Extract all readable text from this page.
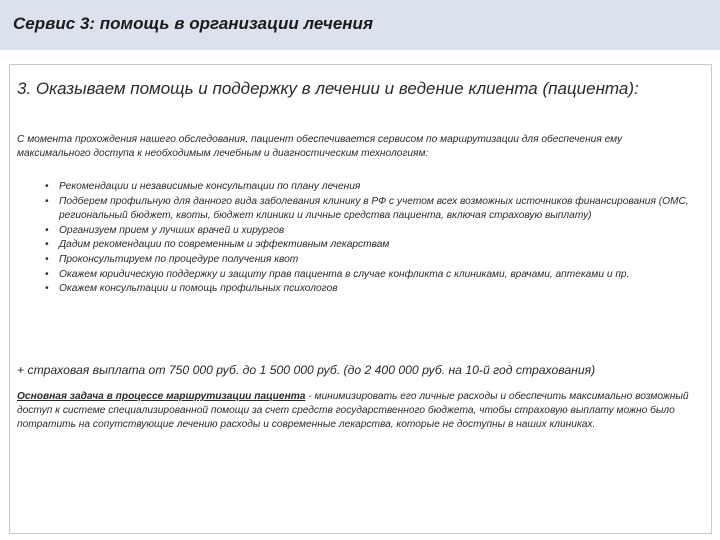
Сервис 3: помощь в организации лечения
3. Оказываем помощь и поддержку в лечении и ведение клиента (пациента):
С момента прохождения нашего обследования, пациент обеспечивается сервисом по маршрутизации для обеспечения ему максимального доступа к необходимым лечебным и диагностическим технологиям:
• Рекомендации и независимые консультации по плану лечения
• Подберем профильную для данного вида заболевания клинику в РФ с учетом всех возможных источников финансирования (ОМС, региональный бюджет, квоты, бюджет клиники и личные средства пациента, включая страховую выплату)
• Организуем прием у лучших врачей и хирургов
• Дадим рекомендации по современным и эффективным лекарствам
• Проконсультируем по процедуре получения квот
• Окажем юридическую поддержку и защиту прав пациента в случае конфликта с клиниками, врачами, аптеками и пр.
• Окажем консультации и помощь профильных психологов
+ страховая выплата от 750 000 руб. до 1 500 000 руб. (до 2 400 000 руб. на 10-й год страхования)
Основная задача в процессе маршрутизации пациента - минимизировать его личные расходы и обеспечить максимально возможный доступ к системе специализированной помощи за счет средств государственного бюджета, чтобы страховую выплату можно было потратить на сопутствующие лечению расходы и современные лекарства, которые не доступны в наших клиниках.
